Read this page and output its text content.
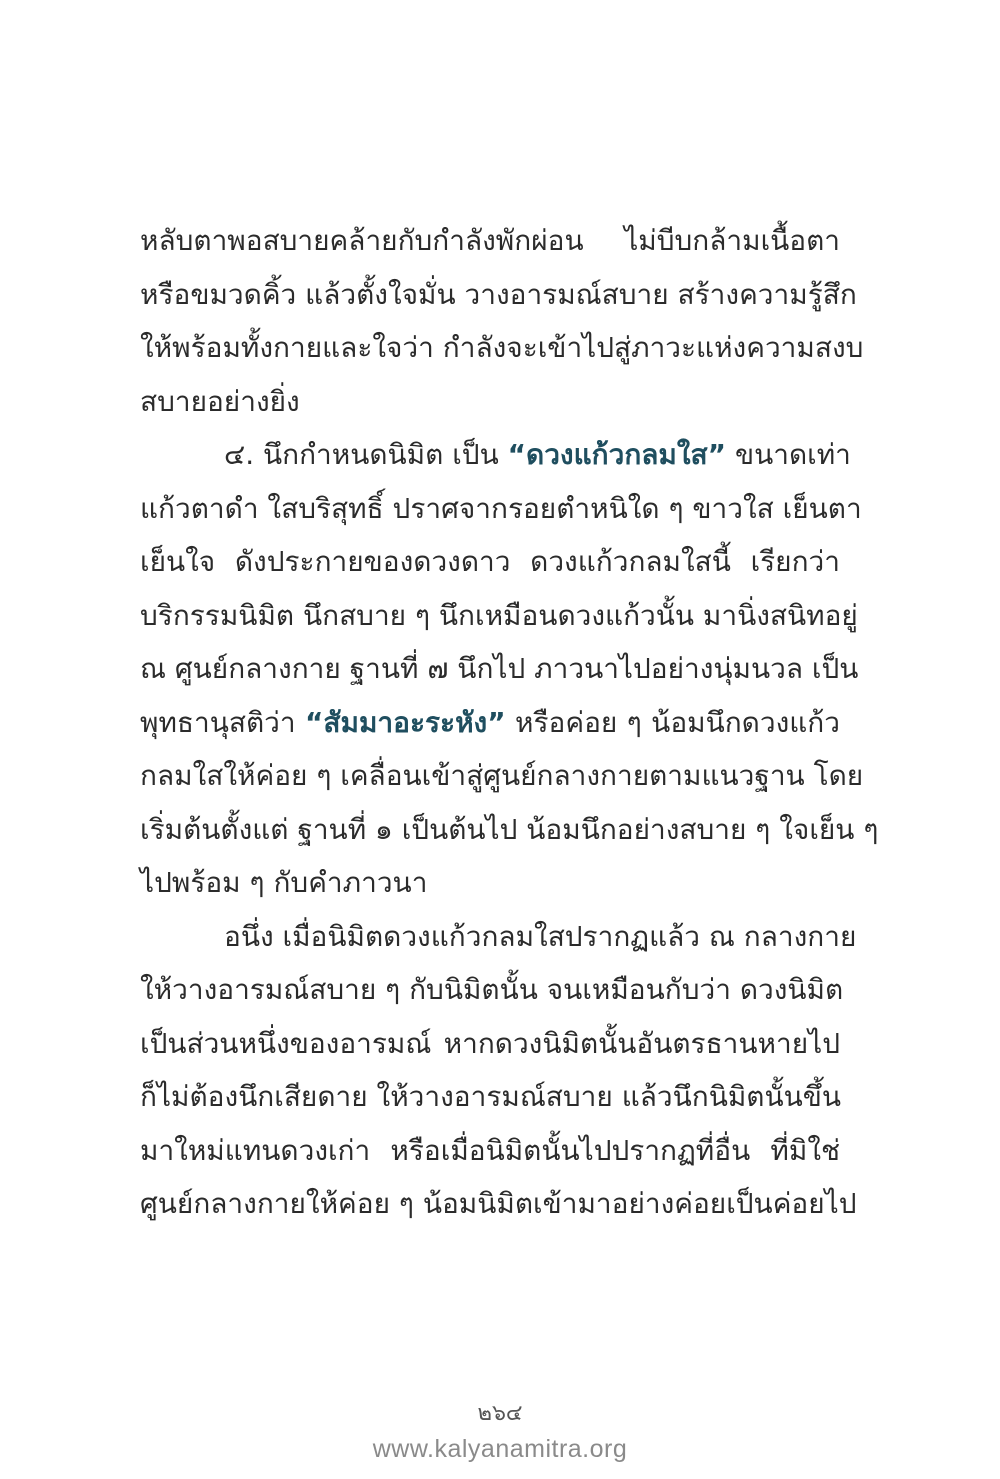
หลับตาพอสบายคล้ายกับกำลังพักผ่อน ไม่บีบกล้ามเนื้อตา
หรือขมวดคิ้ว แล้วตั้งใจมั่น วางอารมณ์สบาย สร้างความรู้สึก
ให้พร้อมทั้งกายและใจว่า กำลังจะเข้าไปสู่ภาวะแห่งความสงบ
สบายอย่างยิ่ง
๔. นึกกำหนดนิมิต เป็น “ดวงแก้วกลมใส” ขนาดเท่า
แก้วตาดำ ใสบริสุทธิ์ ปราศจากรอยตำหนิใด ๆ ขาวใส เย็นตา
เย็นใจ ดังประกายของดวงดาว ดวงแก้วกลมใสนี้ เรียกว่า
บริกรรมนิมิต นึกสบาย ๆ นึกเหมือนดวงแก้วนั้น มานิ่งสนิทอยู่
ณ ศูนย์กลางกาย ฐานที่ ๗ นึกไป ภาวนาไปอย่างนุ่มนวล เป็น
พุทธานุสติว่า “สัมมาอะระหัง” หรือค่อย ๆ น้อมนึกดวงแก้ว
กลมใสให้ค่อย ๆ เคลื่อนเข้าสู่ศูนย์กลางกายตามแนวฐาน โดย
เริ่มต้นตั้งแต่ ฐานที่ ๑ เป็นต้นไป น้อมนึกอย่างสบาย ๆ ใจเย็น ๆ
ไปพร้อม ๆ กับคำภาวนา
อนึ่ง เมื่อนิมิตดวงแก้วกลมใสปรากฏแล้ว ณ กลางกาย
ให้วางอารมณ์สบาย ๆ กับนิมิตนั้น จนเหมือนกับว่า ดวงนิมิต
เป็นส่วนหนึ่งของอารมณ์ หากดวงนิมิตนั้นอันตรธานหายไป
ก็ไม่ต้องนึกเสียดาย ให้วางอารมณ์สบาย แล้วนึกนิมิตนั้นขึ้น
มาใหม่แทนดวงเก่า หรือเมื่อนิมิตนั้นไปปรากฏที่อื่น ที่มิใช่
ศูนย์กลางกายให้ค่อย ๆ น้อมนิมิตเข้ามาอย่างค่อยเป็นค่อยไป
๒๖๔
www.kalyanamitra.org
